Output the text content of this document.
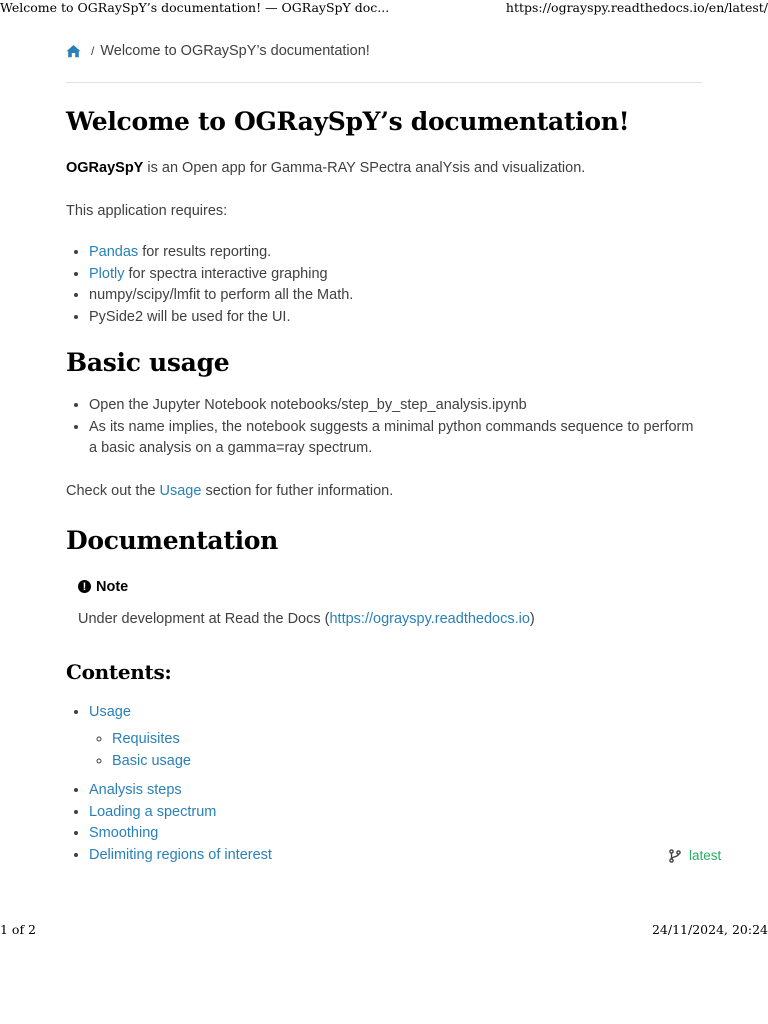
Welcome to OGRaySpY’s documentation! — OGRaySpY doc...	https://ograyspy.readthedocs.io/en/latest/
/ Welcome to OGRaySpY’s documentation!
Welcome to OGRaySpY’s documentation!

OGRaySpY is an Open app for Gamma-RAY SPectra analYsis and visualization.

This application requires:

• Pandas for results reporting.
• Plotly for spectra interactive graphing
• numpy/scipy/lmfit to perform all the Math.
• PySide2 will be used for the UI.
Basic usage
• Open the Jupyter Notebook notebooks/step_by_step_analysis.ipynb
• As its name implies, the notebook suggests a minimal python commands sequence to perform a basic analysis on a gamma=ray spectrum.

Check out the Usage section for futher information.

Documentation
! Note

Under development at Read the Docs (https://ograyspy.readthedocs.io)

Contents:
• Usage
◦ Requisites
◦ Basic usage
• Analysis steps
• Loading a spectrum
• Smoothing
• Delimiting regions of interest	latest
1 of 2	24/11/2024, 20:24
